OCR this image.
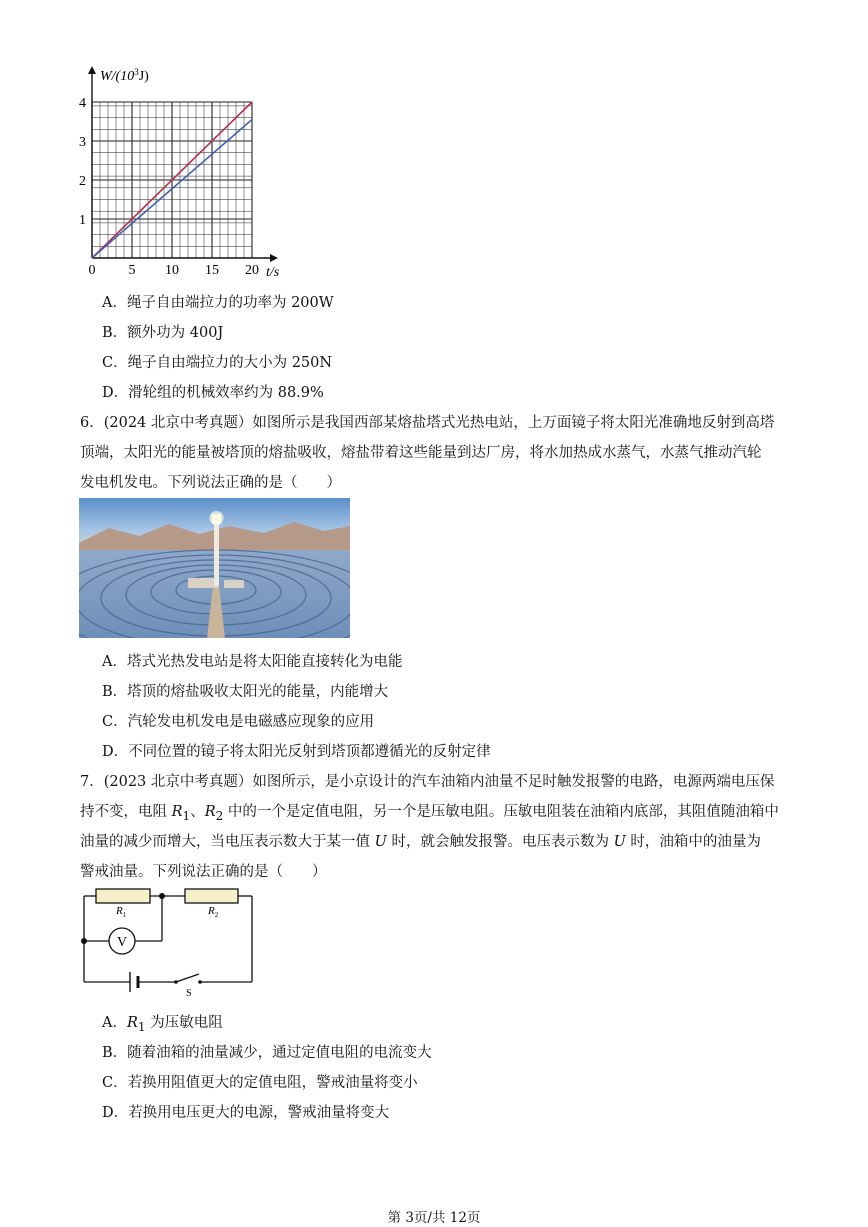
0 5 10 15 20
1
2
3
4
$W/(10^3J)$
t/s
A．绳子自由端拉力的功率为 200W
B．额外功为 400J
C．绳子自由端拉力的大小为 250N
D．滑轮组的机械效率约为 88.9%
6．(2024 北京中考真题）如图所示是我国西部某熔盐塔式光热电站，上万面镜子将太阳光准确地反射到高塔
顶端，太阳光的能量被塔顶的熔盐吸收，熔盐带着这些能量到达厂房，将水加热成水蒸气，水蒸气推动汽轮
发电机发电。下列说法正确的是（　　）
A．塔式光热发电站是将太阳能直接转化为电能
B．塔顶的熔盐吸收太阳光的能量，内能增大
C．汽轮发电机发电是电磁感应现象的应用
D．不同位置的镜子将太阳光反射到塔顶都遵循光的反射定律
7．(2023 北京中考真题）如图所示，是小京设计的汽车油箱内油量不足时触发报警的电路，电源两端电压保
持不变，电阻 $R_1$、$R_2$ 中的一个是定值电阻，另一个是压敏电阻。压敏电阻装在油箱内底部，其阻值随油箱中
油量的减少而增大，当电压表示数大于某一值 U 时，就会触发报警。电压表示数为 U 时，油箱中的油量为
警戒油量。下列说法正确的是（　　）
V
S
$R_1$	$R_2$
A．$R_1$ 为压敏电阻
B．随着油箱的油量减少，通过定值电阻的电流变大
C．若换用阻值更大的定值电阻，警戒油量将变小
D．若换用电压更大的电源，警戒油量将变大
第 3页/共 12页
